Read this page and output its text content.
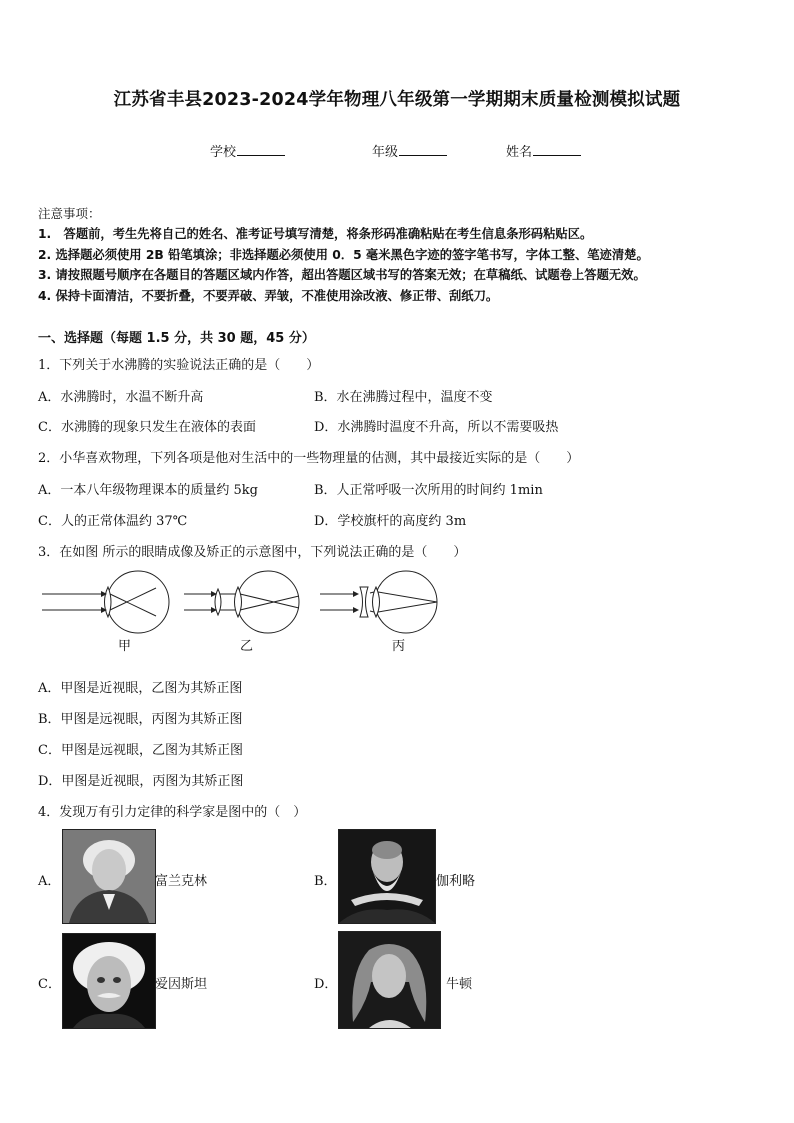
江苏省丰县2023-2024学年物理八年级第一学期期末质量检测模拟试题
学校	年级	姓名
注意事项：
1.　答题前，考生先将自己的姓名、准考证号填写清楚，将条形码准确粘贴在考生信息条形码粘贴区。
2. 选择题必须使用 2B 铅笔填涂；非选择题必须使用 0．5 毫米黑色字迹的签字笔书写，字体工整、笔迹清楚。
3. 请按照题号顺序在各题目的答题区域内作答，超出答题区域书写的答案无效；在草稿纸、试题卷上答题无效。
4. 保持卡面清洁，不要折叠，不要弄破、弄皱，不准使用涂改液、修正带、刮纸刀。
一、选择题（每题 1.5 分，共 30 题，45 分）
1．下列关于水沸腾的实验说法正确的是（　　）
A．水沸腾时，水温不断升高	B．水在沸腾过程中，温度不变
C．水沸腾的现象只发生在液体的表面	D．水沸腾时温度不升高，所以不需要吸热
2．小华喜欢物理，下列各项是他对生活中的一些物理量的估测，其中最接近实际的是（　　）
A．一本八年级物理课本的质量约 5kg	B．人正常呼吸一次所用的时间约 1min
C．人的正常体温约 37℃	D．学校旗杆的高度约 3m
3．在如图 所示的眼睛成像及矫正的示意图中，下列说法正确的是（　　）
甲	乙	丙
A．甲图是近视眼，乙图为其矫正图
B．甲图是远视眼，丙图为其矫正图
C．甲图是远视眼，乙图为其矫正图
D．甲图是近视眼，丙图为其矫正图
4．发现万有引力定律的科学家是图中的（　）
A．	富兰克林	B．	伽利略
C．	爱因斯坦	D．	牛顿
